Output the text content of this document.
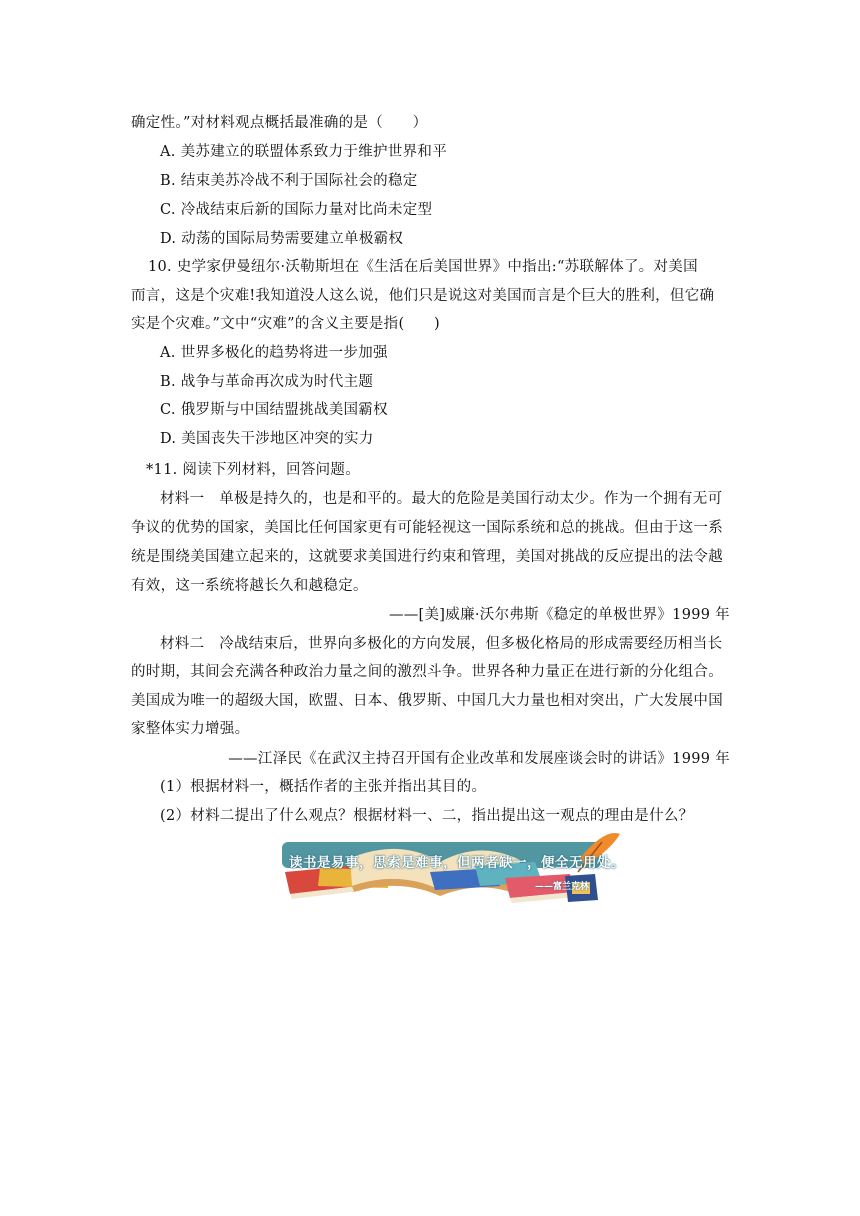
确定性。”对材料观点概括最准确的是（　　）
A. 美苏建立的联盟体系致力于维护世界和平
B. 结束美苏冷战不利于国际社会的稳定
C. 冷战结束后新的国际力量对比尚未定型
D. 动荡的国际局势需要建立单极霸权
10. 史学家伊曼纽尔·沃勒斯坦在《生活在后美国世界》中指出:“苏联解体了。对美国
而言，这是个灾难!我知道没人这么说，他们只是说这对美国而言是个巨大的胜利，但它确
实是个灾难。”文中“灾难”的含义主要是指(　　)
A. 世界多极化的趋势将进一步加强
B. 战争与革命再次成为时代主题
C. 俄罗斯与中国结盟挑战美国霸权
D. 美国丧失干涉地区冲突的实力
*11. 阅读下列材料，回答问题。
材料一　单极是持久的，也是和平的。最大的危险是美国行动太少。作为一个拥有无可
争议的优势的国家，美国比任何国家更有可能轻视这一国际系统和总的挑战。但由于这一系
统是围绕美国建立起来的，这就要求美国进行约束和管理，美国对挑战的反应提出的法令越
有效，这一系统将越长久和越稳定。
——[美]威廉·沃尔弗斯《稳定的单极世界》1999 年
材料二　冷战结束后，世界向多极化的方向发展，但多极化格局的形成需要经历相当长
的时期，其间会充满各种政治力量之间的激烈斗争。世界各种力量正在进行新的分化组合。
美国成为唯一的超级大国，欧盟、日本、俄罗斯、中国几大力量也相对突出，广大发展中国
家整体实力增强。
——江泽民《在武汉主持召开国有企业改革和发展座谈会时的讲话》1999 年
(1）根据材料一，概括作者的主张并指出其目的。
(2）材料二提出了什么观点？根据材料一、二，指出提出这一观点的理由是什么？
读书是易事，思索是难事，但两者缺一，便全无用处。
——富兰克林
